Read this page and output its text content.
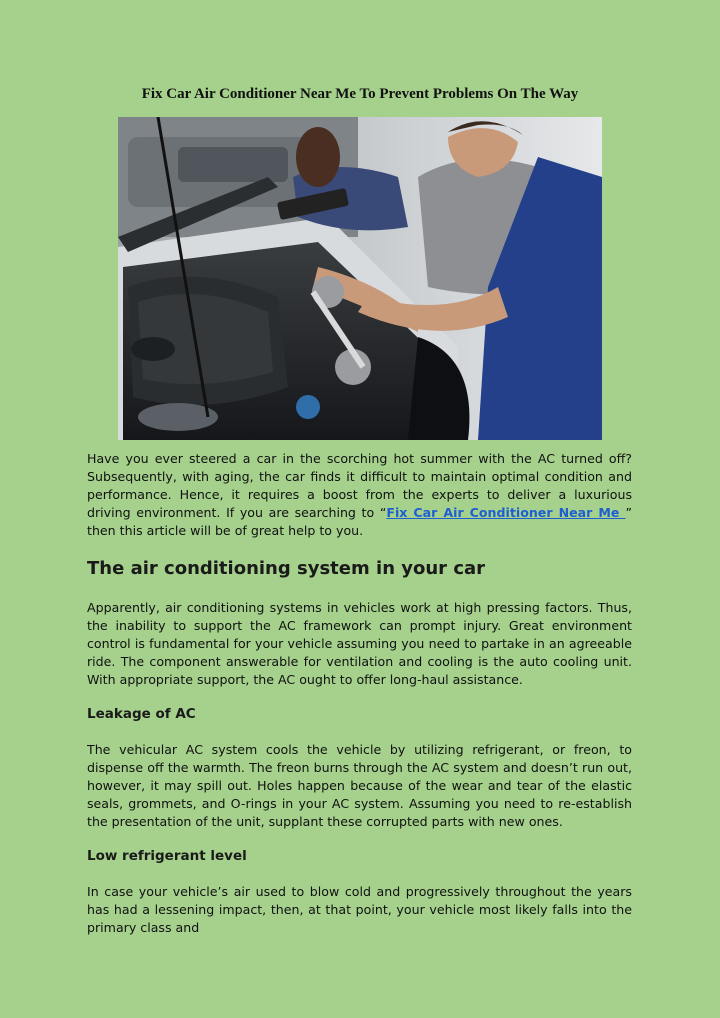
Fix Car Air Conditioner Near Me To Prevent Problems On The Way

Have you ever steered a car in the scorching hot summer with the AC turned off? Subsequently, with aging, the car finds it difficult to maintain optimal condition and performance. Hence, it requires a boost from the experts to deliver a luxurious driving environment. If you are searching to “Fix Car Air Conditioner Near Me ” then this article will be of great help to you.

The air conditioning system in your car

Apparently, air conditioning systems in vehicles work at high pressing factors. Thus, the inability to support the AC framework can prompt injury. Great environment control is fundamental for your vehicle assuming you need to partake in an agreeable ride. The component answerable for ventilation and cooling is the auto cooling unit. With appropriate support, the AC ought to offer long-haul assistance.

Leakage of AC

The vehicular AC system cools the vehicle by utilizing refrigerant, or freon, to dispense off the warmth. The freon burns through the AC system and doesn’t run out, however, it may spill out. Holes happen because of the wear and tear of the elastic seals, grommets, and O-rings in your AC system. Assuming you need to re-establish the presentation of the unit, supplant these corrupted parts with new ones.

Low refrigerant level

In case your vehicle’s air used to blow cold and progressively throughout the years has had a lessening impact, then, at that point, your vehicle most likely falls into the primary class and
